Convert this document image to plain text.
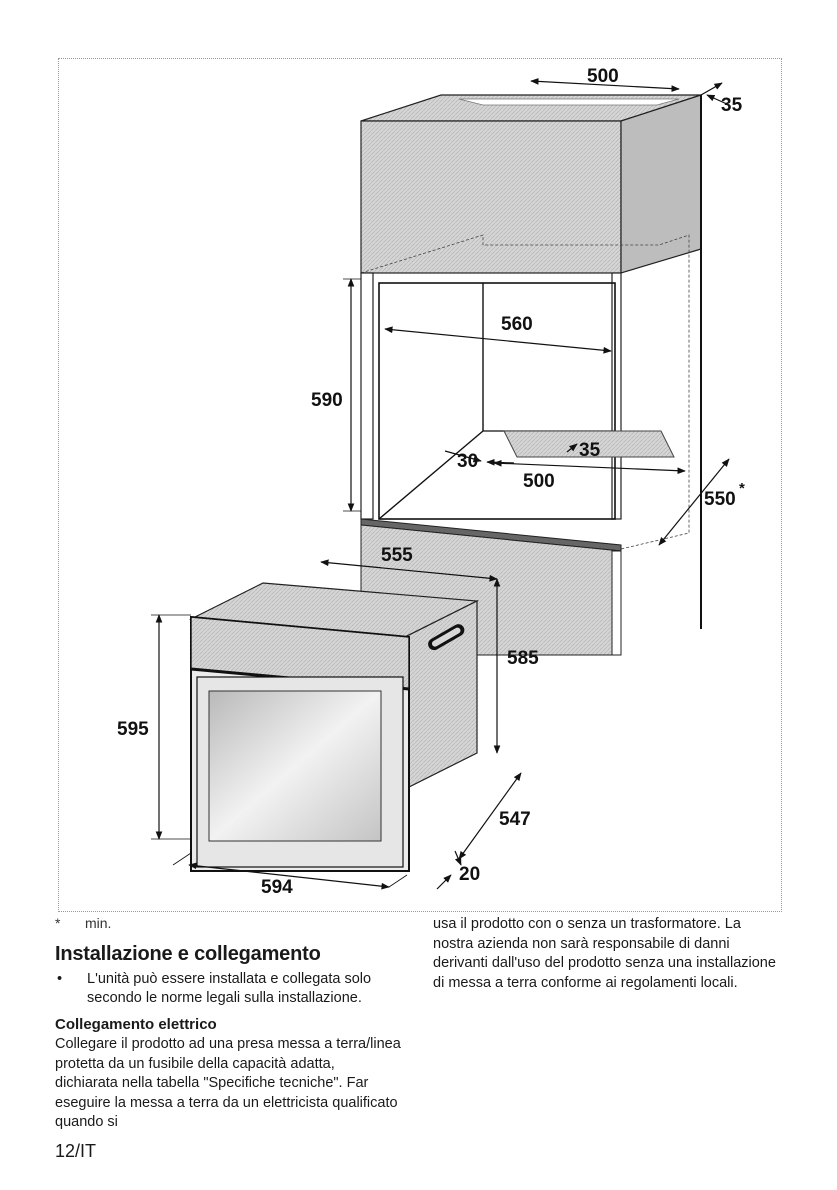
500
35
560
590
35
30
500
550
*
555
585
595
547
594
20
* min.
Installazione e collegamento
•	L'unità può essere installata e collegata solo secondo le norme legali sulla installazione.
Collegamento elettrico

Collegare il prodotto ad una presa messa a terra/linea protetta da un fusibile della capacità adatta, dichiarata nella tabella "Specifiche tecniche". Far eseguire la messa a terra da un elettricista qualificato quando si

usa il prodotto con o senza un trasformatore. La nostra azienda non sarà responsabile di danni derivanti dall'uso del prodotto senza una installazione di messa a terra conforme ai regolamenti locali.

12/IT
